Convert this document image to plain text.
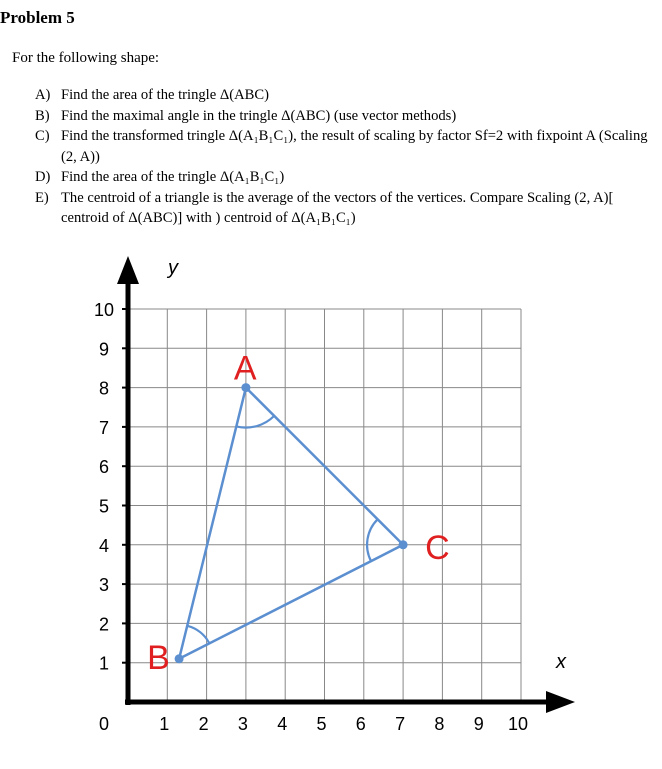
Problem 5

For the following shape:

A) Find the area of the tringle Δ(ABC)
B) Find the maximal angle in the tringle Δ(ABC) (use vector methods)
C) Find the transformed tringle Δ(A₁B₁C₁), the result of scaling by factor Sf=2 with fixpoint A (Scaling (2, A))
D) Find the area of the tringle Δ(A₁B₁C₁)
E) The centroid of a triangle is the average of the vectors of the vertices. Compare Scaling (2, A)[ centroid of Δ(ABC)] with ) centroid of Δ(A₁B₁C₁)
y
x
0	1 2 3 4 5 6 7 8 9 10
1
2
3
4
5
6
7
8
9
10
A
B
C
